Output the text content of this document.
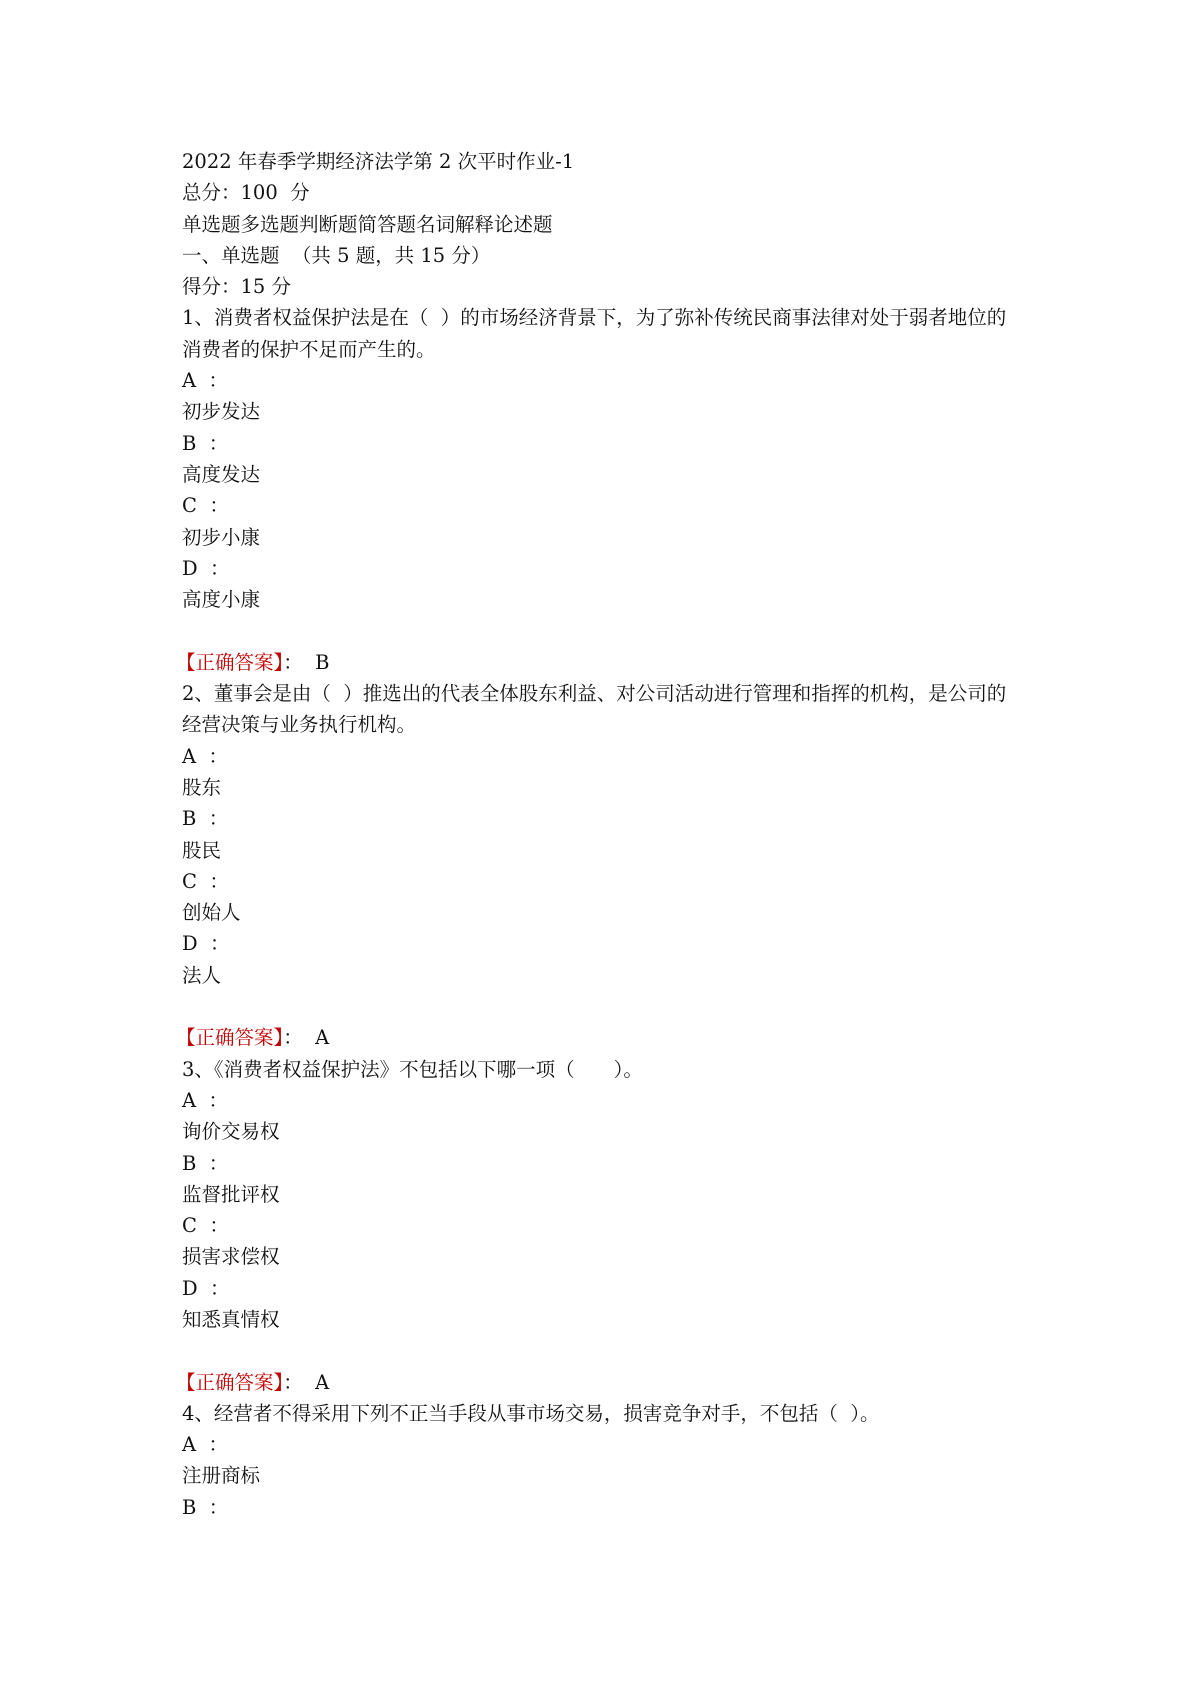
2022 年春季学期经济法学第 2 次平时作业-1

总分：100  分

单选题多选题判断题简答题名词解释论述题

一、单选题  （共 5 题，共 15 分）

得分：15 分

1、消费者权益保护法是在（  ）的市场经济背景下，为了弥补传统民商事法律对处于弱者地位的消费者的保护不足而产生的。

A  ：

初步发达

B  ：

高度发达

C  ：

初步小康

D  ：

高度小康

【正确答案】：  B

2、董事会是由（  ）推选出的代表全体股东利益、对公司活动进行管理和指挥的机构，是公司的经营决策与业务执行机构。

A  ：

股东

B  ：

股民

C  ：

创始人

D  ：

法人

【正确答案】：  A

3、《消费者权益保护法》不包括以下哪一项（　　）。

A  ：

询价交易权

B  ：

监督批评权

C  ：

损害求偿权

D  ：

知悉真情权

【正确答案】：  A

4、经营者不得采用下列不正当手段从事市场交易，损害竞争对手，不包括（  ）。

A  ：

注册商标

B  ：
